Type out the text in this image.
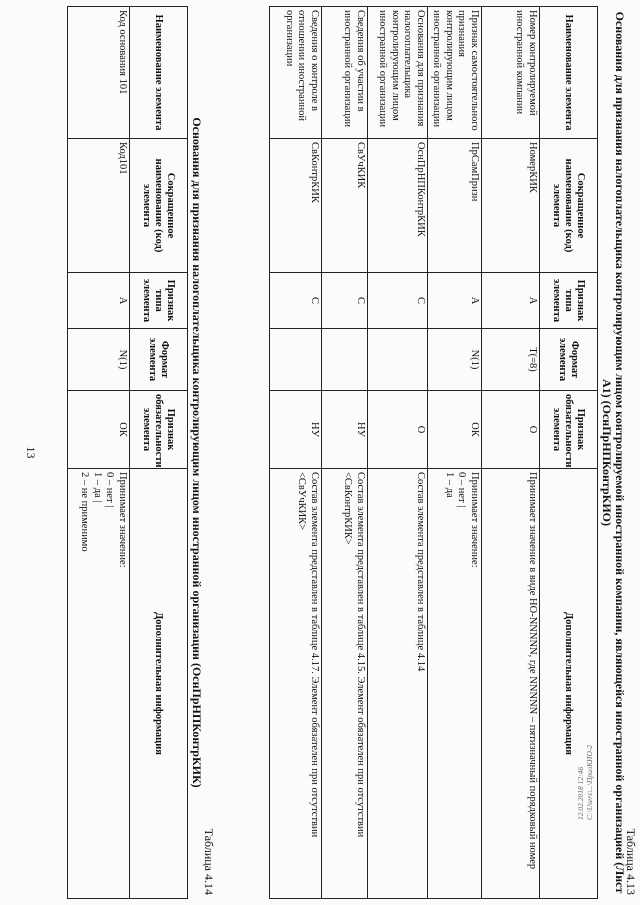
Таблица 4.13
Основания для признания налогоплательщика контролирующим лицом контролируемой иностранной компании, являющейся иностранной организацией (Лист А1) (ОснПрНПКонтрКИО)
Наименование элемента	Сокращенное наименование (код) элемента	Признак типа элемента	Формат элемента	Признак обязательности элемента	Дополнительная информация
Номер контролируемой иностранной компании	НомерКИК	А	T(=8)	О	Принимает значение в виде НО-NNNNN, где NNNNN – пятизначный порядковый номер
Признак самостоятельного признания контролирующим лицом иностранной организации	ПрСамПризн	А	N(1)	ОК	Принимает значение:
0 – нет |
1 – да
Основания для признания налогоплательщика контролирующим лицом иностранной организации	ОснПрНПКонтрКИК	С		О	Состав элемента представлен в таблице 4.14
Сведения об участии в иностранной организации	СвУчКИК	С		НУ	Состав элемента представлен в таблице 4.15. Элемент обязателен при отсутствии <СвКонтрКИК>
Сведения о контроле в отношении иностранной организации	СвКонтрКИК	С		НУ	Состав элемента представлен в таблице 4.17. Элемент обязателен при отсутствии <СвУчКИК>
Таблица 4.14
Основания для признания налогоплательщика контролирующим лицом иностранной организации (ОснПрНПКонтрКИК)
Наименование элемента	Сокращенное наименование (код) элемента	Признак типа элемента	Формат элемента	Признак обязательности элемента	Дополнительная информация
Код основания 101	Код101	А	N(1)	ОК	Принимает значение:
0 – нет |
1 – да |
2 – не применимо
13
12.02.2018 12:46
С:\Users\...\ПрилКИО-2
